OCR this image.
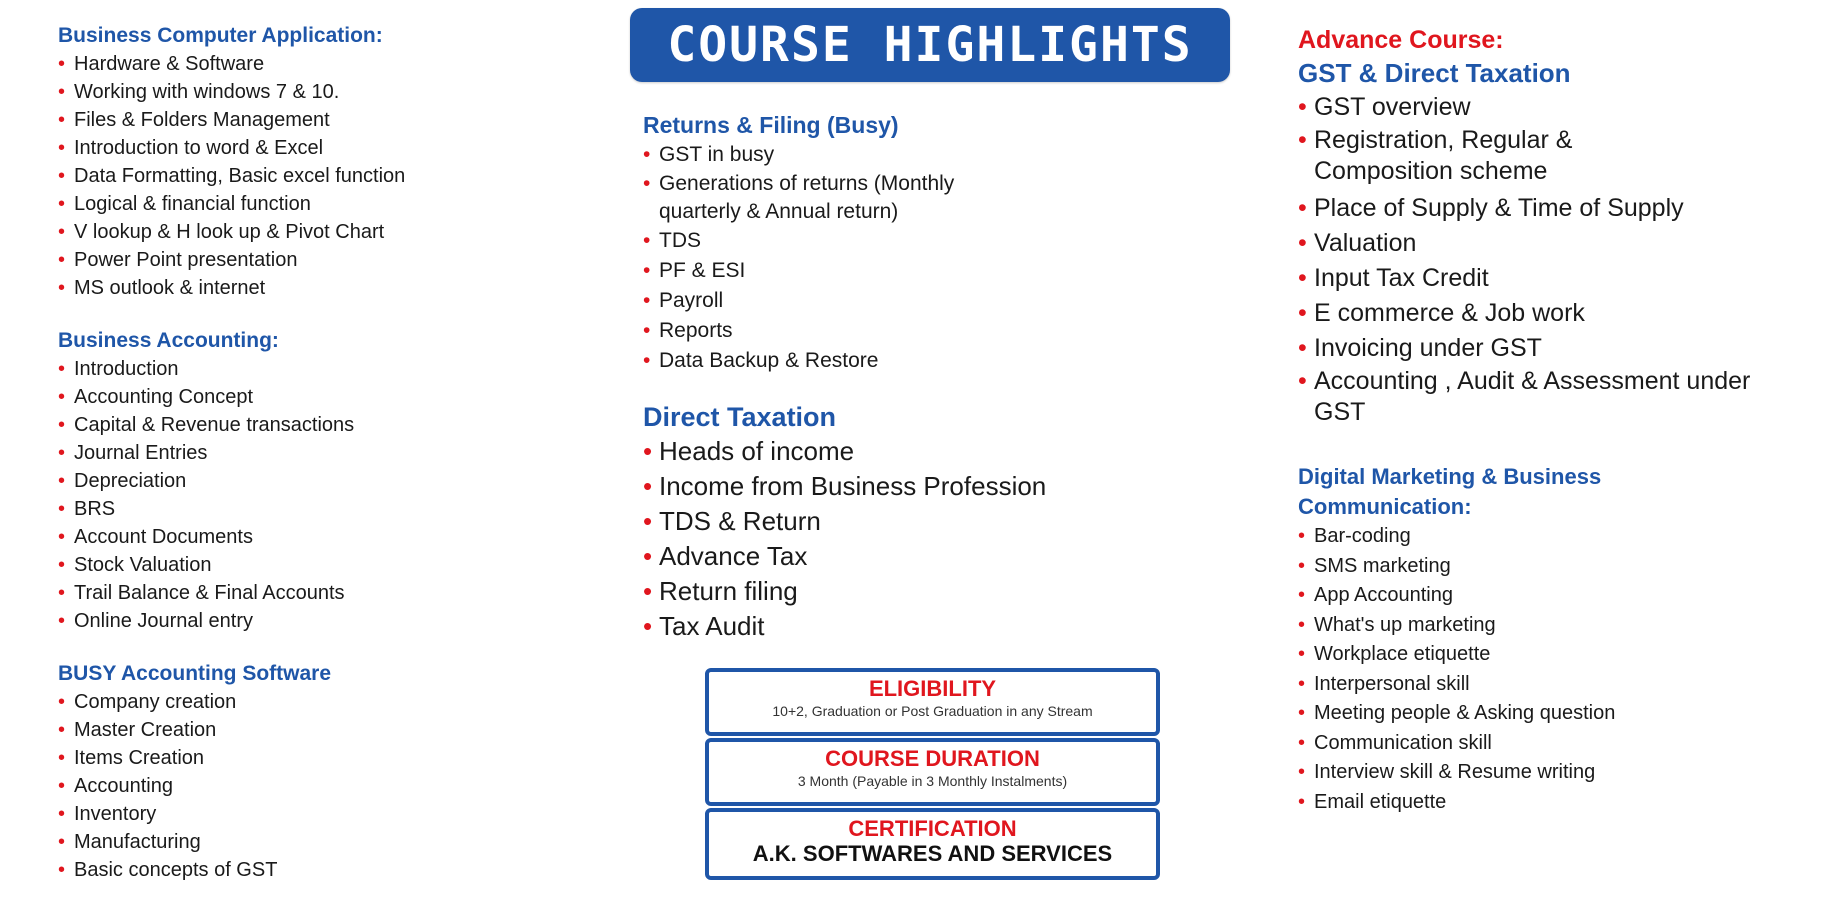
Business Computer Application:
• Hardware & Software
• Working with windows 7 & 10.
• Files & Folders Management
• Introduction to word & Excel
• Data Formatting, Basic excel function
• Logical & financial function
• V lookup & H look up & Pivot Chart
• Power Point presentation
• MS outlook & internet
Business Accounting:
• Introduction
• Accounting Concept
• Capital & Revenue transactions
• Journal Entries
• Depreciation
• BRS
• Account Documents
• Stock Valuation
• Trail Balance & Final Accounts
• Online Journal entry
BUSY Accounting Software
• Company creation
• Master Creation
• Items Creation
• Accounting
• Inventory
• Manufacturing
• Basic concepts of GST
COURSE HIGHLIGHTS
Returns & Filing (Busy)
• GST in busy
• Generations of returns (Monthly quarterly & Annual return)
• TDS
• PF & ESI
• Payroll
• Reports
• Data Backup & Restore
Direct Taxation
• Heads of income
• Income from Business Profession
• TDS & Return
• Advance Tax
• Return filing
• Tax Audit
ELIGIBILITY
10+2, Graduation or Post Graduation in any Stream
COURSE DURATION
3 Month (Payable in 3 Monthly Instalments)
CERTIFICATION
A.K. SOFTWARES AND SERVICES
Advance Course:
GST & Direct Taxation
• GST overview
• Registration, Regular & Composition scheme
• Place of Supply & Time of Supply
• Valuation
• Input Tax Credit
• E commerce & Job work
• Invoicing under GST
• Accounting , Audit & Assessment under GST
Digital Marketing & Business
Communication:
• Bar-coding
• SMS marketing
• App Accounting
• What's up marketing
• Workplace etiquette
• Interpersonal skill
• Meeting people & Asking question
• Communication skill
• Interview skill & Resume writing
• Email etiquette
